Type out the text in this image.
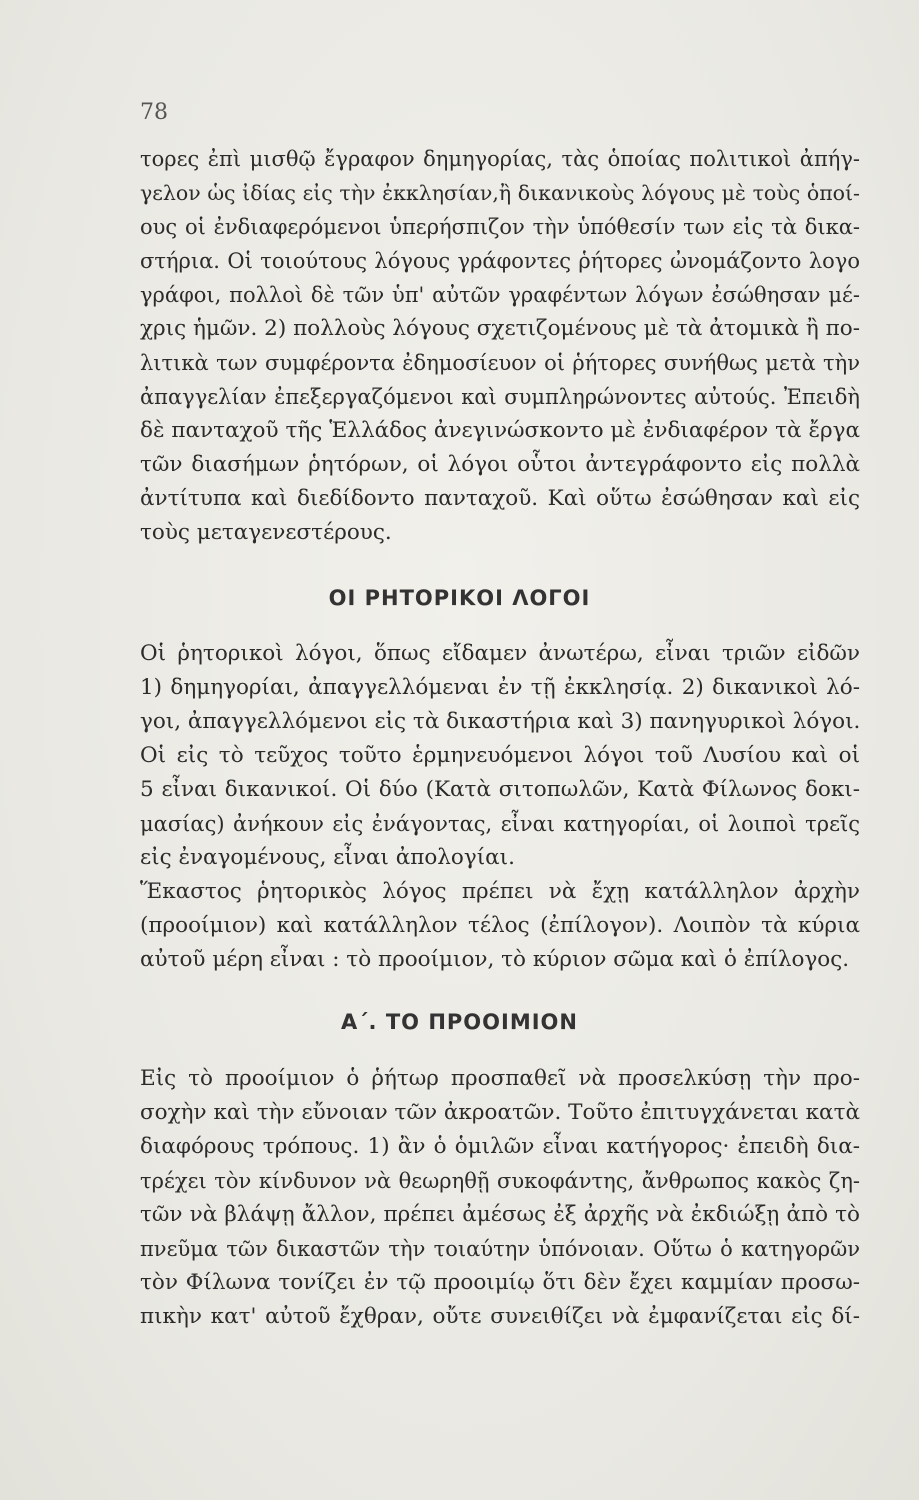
78
τορες ἐπὶ μισθῷ ἔγραφον δημηγορίας, τὰς ὁποίας πολιτικοὶ ἀπήγ-
γελον ὡς ἰδίας εἰς τὴν ἐκκλησίαν,ἢ δικανικοὺς λόγους μὲ τοὺς ὁποί-
ους οἱ ἐνδιαφερόμενοι ὑπερήσπιζον τὴν ὑπόθεσίν των εἰς τὰ δικα-
στήρια. Οἱ τοιούτους λόγους γράφοντες ῥήτορες ὠνομάζοντο λογο
γράφοι, πολλοὶ δὲ τῶν ὑπ' αὐτῶν γραφέντων λόγων ἐσώθησαν μέ-
χρις ἡμῶν. 2) πολλοὺς λόγους σχετιζομένους μὲ τὰ ἀτομικὰ ἢ πο-
λιτικὰ των συμφέροντα ἐδημοσίευον οἱ ῥήτορες συνήθως μετὰ τὴν
ἀπαγγελίαν ἐπεξεργαζόμενοι καὶ συμπληρώνοντες αὐτούς. Ἐπειδὴ
δὲ πανταχοῦ τῆς Ἑλλάδος ἀνεγινώσκοντο μὲ ἐνδιαφέρον τὰ ἔργα
τῶν διασήμων ῥητόρων, οἱ λόγοι οὗτοι ἀντεγράφοντο εἰς πολλὰ
ἀντίτυπα καὶ διεδίδοντο πανταχοῦ. Καὶ οὕτω ἐσώθησαν καὶ εἰς
τοὺς μεταγενεστέρους.
ΟΙ ΡΗΤΟΡΙΚΟΙ ΛΟΓΟΙ
Οἱ ῥητορικοὶ λόγοι, ὅπως εἴδαμεν ἀνωτέρω, εἶναι τριῶν εἰδῶν
1) δημηγορίαι, ἀπαγγελλόμεναι ἐν τῇ ἐκκλησίᾳ. 2) δικανικοὶ λό-
γοι, ἀπαγγελλόμενοι εἰς τὰ δικαστήρια καὶ 3) πανηγυρικοὶ λόγοι.
Οἱ εἰς τὸ τεῦχος τοῦτο ἑρμηνευόμενοι λόγοι τοῦ Λυσίου καὶ οἱ
5 εἶναι δικανικοί. Οἱ δύο (Κατὰ σιτοπωλῶν, Κατὰ Φίλωνος δοκι-
μασίας) ἀνήκουν εἰς ἐνάγοντας, εἶναι κατηγορίαι, οἱ λοιποὶ τρεῖς
εἰς ἐναγομένους, εἶναι ἀπολογίαι.
Ἕκαστος ῥητορικὸς λόγος πρέπει νὰ ἔχῃ κατάλληλον ἀρχὴν
(προοίμιον) καὶ κατάλληλον τέλος (ἐπίλογον). Λοιπὸν τὰ κύρια
αὐτοῦ μέρη εἶναι : τὸ προοίμιον, τὸ κύριον σῶμα καὶ ὁ ἐπίλογος.
Α΄. ΤΟ ΠΡΟΟΙΜΙΟΝ
Εἰς τὸ προοίμιον ὁ ῥήτωρ προσπαθεῖ νὰ προσελκύσῃ τὴν προ-
σοχὴν καὶ τὴν εὔνοιαν τῶν ἀκροατῶν. Τοῦτο ἐπιτυγχάνεται κατὰ
διαφόρους τρόπους. 1) ἂν ὁ ὁμιλῶν εἶναι κατήγορος· ἐπειδὴ δια-
τρέχει τὸν κίνδυνον νὰ θεωρηθῇ συκοφάντης, ἄνθρωπος κακὸς ζη-
τῶν νὰ βλάψῃ ἄλλον, πρέπει ἀμέσως ἐξ ἀρχῆς νὰ ἐκδιώξῃ ἀπὸ τὸ
πνεῦμα τῶν δικαστῶν τὴν τοιαύτην ὑπόνοιαν. Οὕτω ὁ κατηγορῶν
τὸν Φίλωνα τονίζει ἐν τῷ προοιμίῳ ὅτι δὲν ἔχει καμμίαν προσω-
πικὴν κατ' αὐτοῦ ἔχθραν, οὔτε συνειθίζει νὰ ἐμφανίζεται εἰς δί-
